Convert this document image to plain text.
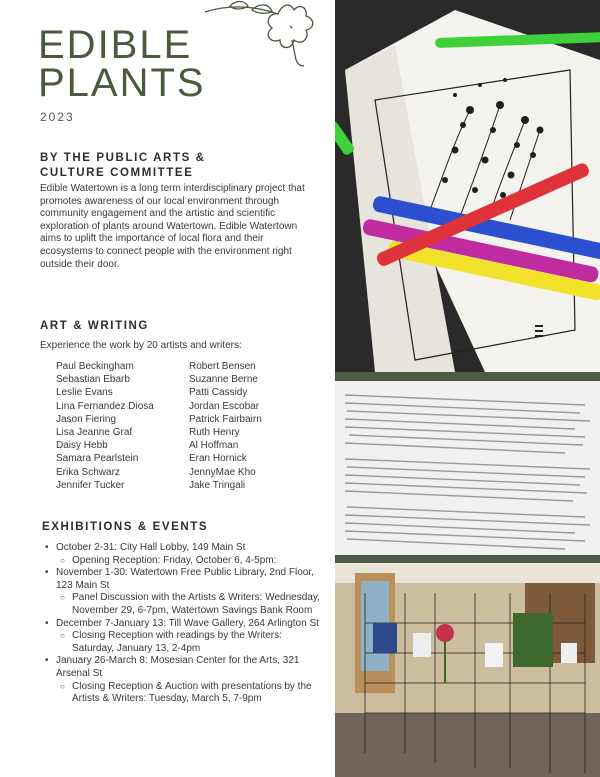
EDIBLE
PLANTS
2023
BY THE PUBLIC ARTS &
CULTURE COMMITTEE
Edible Watertown is a long term interdisciplinary project that promotes awareness of our local environment through community engagement and the artistic and scientific exploration of plants around Watertown. Edible Watertown aims to uplift the importance of local flora and their ecosystems to connect people with the environment right outside their door.
ART & WRITING
Experience the work by 20 artists and writers:
Paul Beckingham
Sebastian Ebarb
Leslie Evans
Lina Fernandez Diosa
Jason Fiering
Lisa Jeanne Graf
Daisy Hebb
Samara Pearlstein
Erika Schwarz
Jennifer Tucker
Robert Bensen
Suzanne Berne
Patti Cassidy
Jordan Escobar
Patrick Fairbairn
Ruth Henry
Al Hoffman
Eran Hornick
JennyMae Kho
Jake Tringali
EXHIBITIONS & EVENTS
• October 2-31: City Hall Lobby, 149 Main St
○ Opening Reception: Friday, October 6, 4-5pm:
• November 1-30: Watertown Free Public Library, 2nd Floor, 123 Main St
○ Panel Discussion with the Artists & Writers: Wednesday, November 29, 6-7pm, Watertown Savings Bank Room
• December 7-January 13: Till Wave Gallery, 264 Arlington St
○ Closing Reception with readings by the Writers: Saturday, January 13, 2-4pm
• January 26-March 8: Mosesian Center for the Arts, 321 Arsenal St
○ Closing Reception & Auction with presentations by the Artists & Writers: Tuesday, March 5, 7-9pm
